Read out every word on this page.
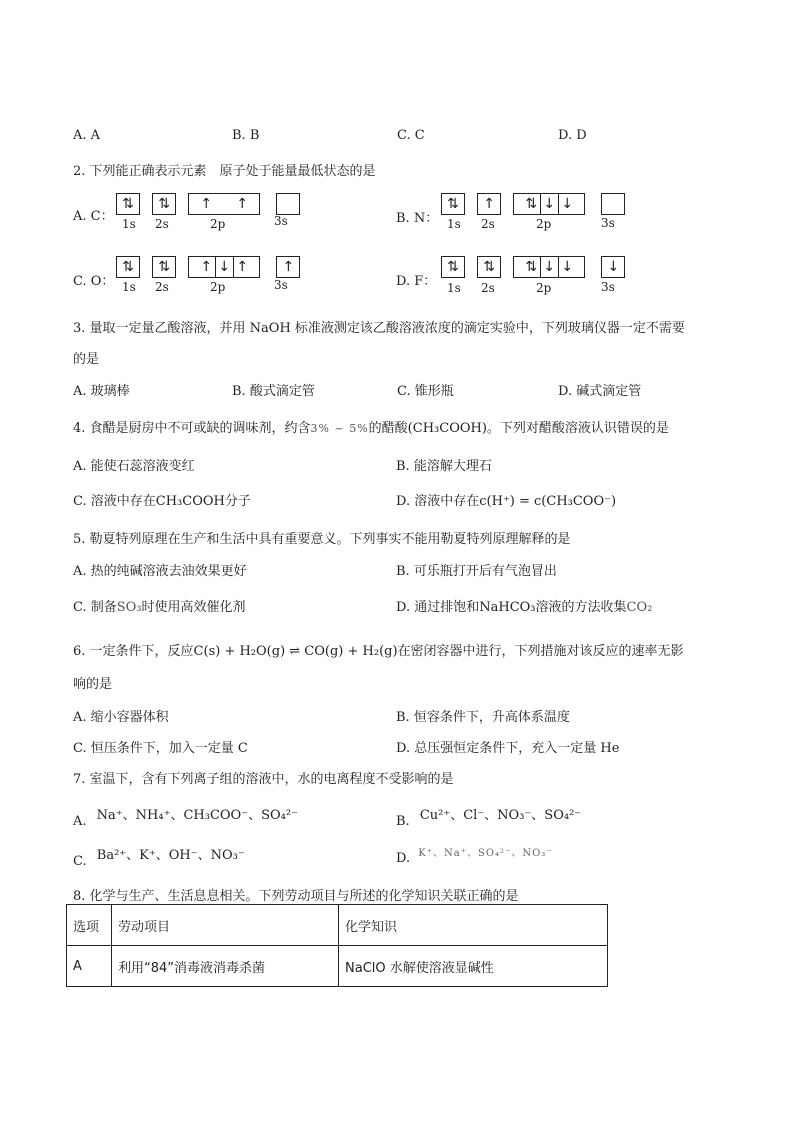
A. A	B. B	C. C	D. D
2. 下列能正确表示元素　原子处于能量最低状态的是
A. C：
⇅ ⇅ ↑ ↑
1s 2s	2p	3s	B. N：
⇅ ↑ ⇅ ↓ ↓
1s 2s	2p	3s
C. O：
⇅ ⇅ ↑ ↓ ↑ ↑
1s 2s	2p	3s	D. F：
⇅ ⇅ ⇅ ↓ ↓ ↓
1s 2s	2p	3s
3. 量取一定量乙酸溶液，并用 NaOH 标准液测定该乙酸溶液浓度的滴定实验中，下列玻璃仪器一定不需要
的是
A. 玻璃棒	B. 酸式滴定管	C. 锥形瓶	D. 碱式滴定管
4. 食醋是厨房中不可或缺的调味剂，约含3% ~ 5%的醋酸(CH₃COOH)。下列对醋酸溶液认识错误的是
A. 能使石蕊溶液变红	B. 能溶解大理石
C. 溶液中存在CH₃COOH分子	D. 溶液中存在c(H⁺) = c(CH₃COO⁻)
5. 勒夏特列原理在生产和生活中具有重要意义。下列事实不能用勒夏特列原理解释的是
A. 热的纯碱溶液去油效果更好	B. 可乐瓶打开后有气泡冒出
C. 制备SO₃时使用高效催化剂	D. 通过排饱和NaHCO₃溶液的方法收集CO₂
6. 一定条件下，反应C(s) + H₂O(g) ⇌ CO(g) + H₂(g)在密闭容器中进行，下列措施对该反应的速率无影
响的是
A. 缩小容器体积	B. 恒容条件下，升高体系温度
C. 恒压条件下，加入一定量 C	D. 总压强恒定条件下，充入一定量 He
7. 室温下，含有下列离子组的溶液中，水的电离程度不受影响的是
A. Na⁺、NH₄⁺、CH₃COO⁻、SO₄²⁻	B. Cu²⁺、Cl⁻、NO₃⁻、SO₄²⁻
C. Ba²⁺、K⁺、OH⁻、NO₃⁻	D. K⁺、Na⁺、SO₄²⁻、NO₃⁻
8. 化学与生产、生活息息相关。下列劳动项目与所述的化学知识关联正确的是
选项	劳动项目	化学知识
A	利用“84”消毒液消毒杀菌	NaClO 水解使溶液显碱性
